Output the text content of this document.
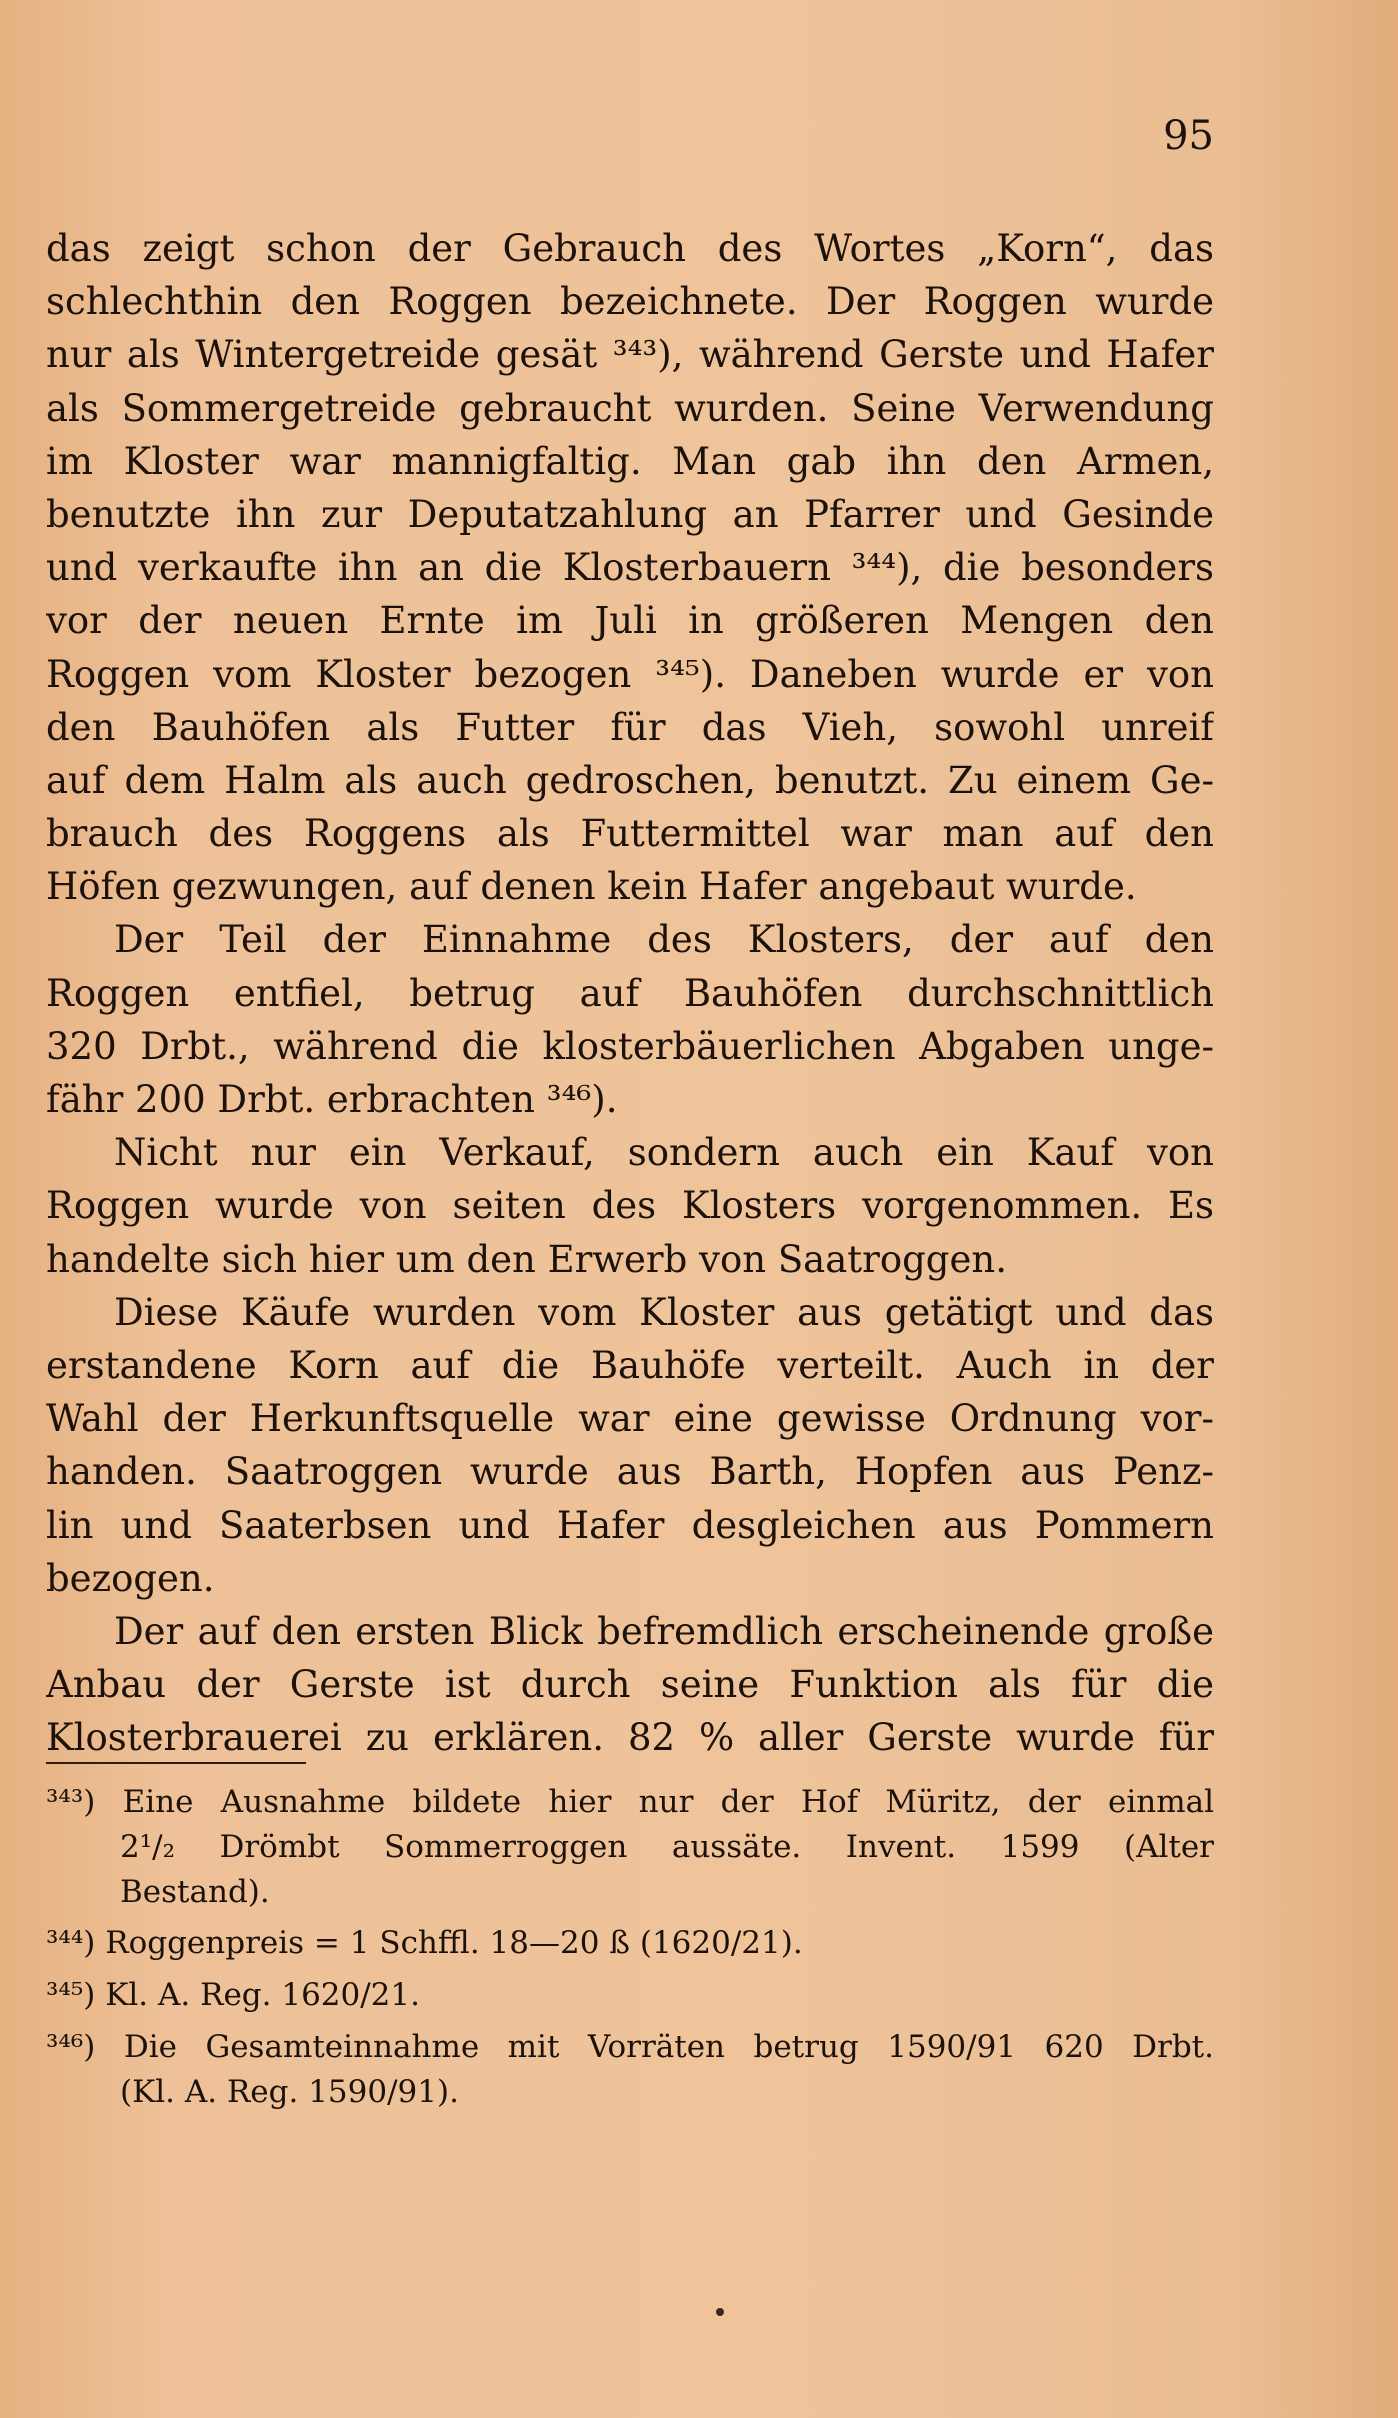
95
das zeigt schon der Gebrauch des Wortes „Korn“, das
schlechthin den Roggen bezeichnete. Der Roggen wurde
nur als Wintergetreide gesät ³⁴³), während Gerste und Hafer
als Sommergetreide gebraucht wurden. Seine Verwendung
im Kloster war mannigfaltig. Man gab ihn den Armen,
benutzte ihn zur Deputatzahlung an Pfarrer und Gesinde
und verkaufte ihn an die Klosterbauern ³⁴⁴), die besonders
vor der neuen Ernte im Juli in größeren Mengen den
Roggen vom Kloster bezogen ³⁴⁵). Daneben wurde er von
den Bauhöfen als Futter für das Vieh, sowohl unreif
auf dem Halm als auch gedroschen, benutzt. Zu einem Ge-
brauch des Roggens als Futtermittel war man auf den
Höfen gezwungen, auf denen kein Hafer angebaut wurde.
Der Teil der Einnahme des Klosters, der auf den
Roggen entfiel, betrug auf Bauhöfen durchschnittlich
320 Drbt., während die klosterbäuerlichen Abgaben unge-
fähr 200 Drbt. erbrachten ³⁴⁶).
Nicht nur ein Verkauf, sondern auch ein Kauf von
Roggen wurde von seiten des Klosters vorgenommen. Es
handelte sich hier um den Erwerb von Saatroggen.
Diese Käufe wurden vom Kloster aus getätigt und das
erstandene Korn auf die Bauhöfe verteilt. Auch in der
Wahl der Herkunftsquelle war eine gewisse Ordnung vor-
handen. Saatroggen wurde aus Barth, Hopfen aus Penz-
lin und Saaterbsen und Hafer desgleichen aus Pommern
bezogen.
Der auf den ersten Blick befremdlich erscheinende große
Anbau der Gerste ist durch seine Funktion als für die
Klosterbrauerei zu erklären. 82 % aller Gerste wurde für
³⁴³) Eine Ausnahme bildete hier nur der Hof Müritz, der einmal
2¹/₂ Drömbt Sommerroggen aussäte. Invent. 1599 (Alter
Bestand).
³⁴⁴) Roggenpreis = 1 Schffl. 18—20 ß (1620/21).
³⁴⁵) Kl. A. Reg. 1620/21.
³⁴⁶) Die Gesamteinnahme mit Vorräten betrug 1590/91 620 Drbt.
(Kl. A. Reg. 1590/91).
